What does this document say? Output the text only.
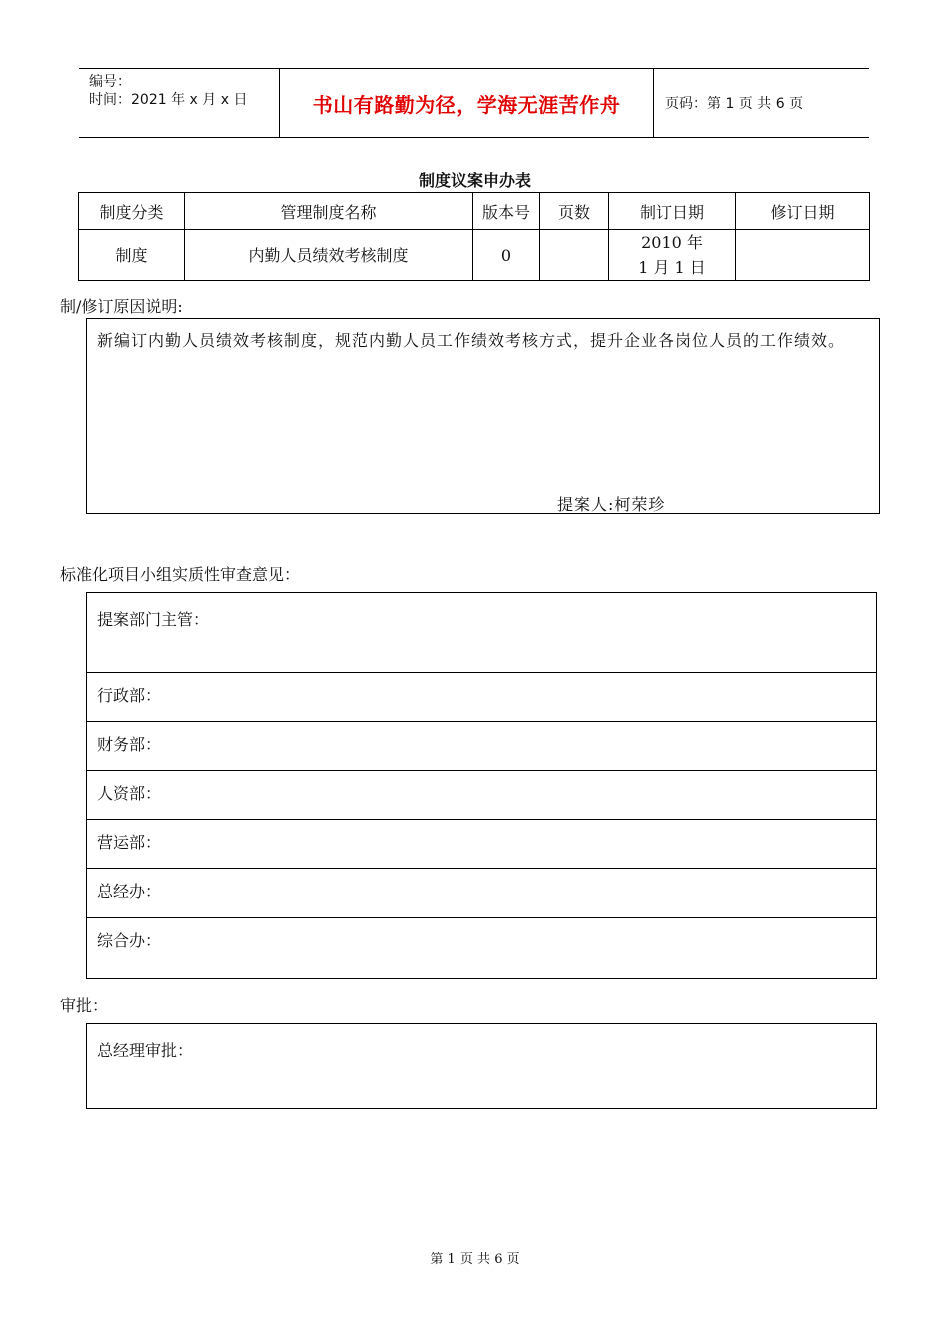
编号：
时间：2021 年 x 月 x 日	书山有路勤为径，学海无涯苦作舟	页码：第 1 页 共 6 页
制度议案申办表
制度分类	管理制度名称	版本号	页数	制订日期	修订日期
制度	内勤人员绩效考核制度	0		2010 年
1 月 1 日	

制/修订原因说明:
新编订内勤人员绩效考核制度，规范内勤人员工作绩效考核方式，提升企业各岗位人员的工作绩效。
提案人:柯荣珍
标准化项目小组实质性审查意见：
提案部门主管：
行政部：
财务部：
人资部：
营运部：
总经办：
综合办：
审批：
总经理审批：
第 1 页 共 6 页
